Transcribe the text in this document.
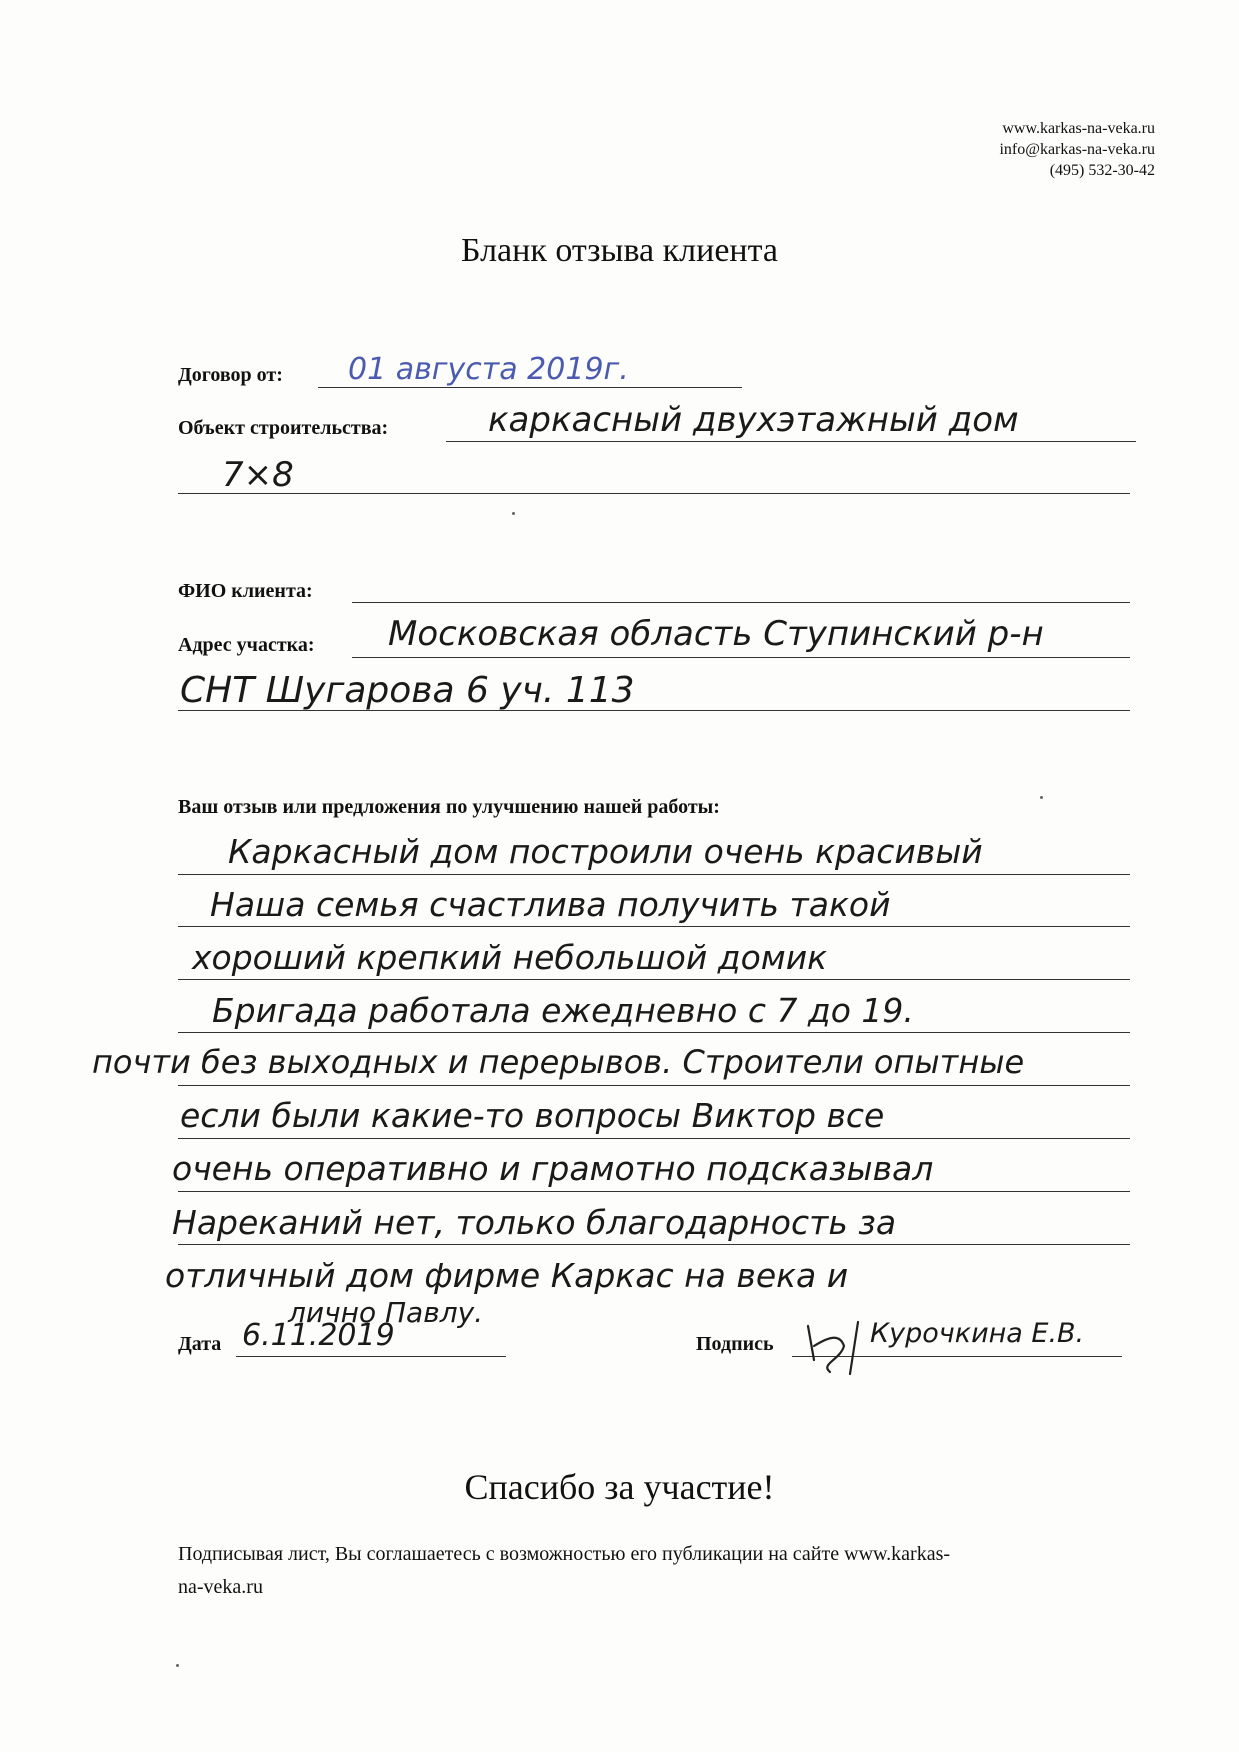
www.karkas-na-veka.ru
info@karkas-na-veka.ru
(495) 532-30-42
Бланк отзыва клиента
Договор от: 01 августа 2019г.
Объект строительства:	каркасный двухэтажный дом
7×8
ФИО клиента:
Адрес участка: Московская область Ступинский р-н
СНТ Шугарова 6 уч. 113
Ваш отзыв или предложения по улучшению нашей работы:
Каркасный дом построили очень красивый
Наша семья счастлива получить такой
хороший крепкий небольшой домик
Бригада работала ежедневно с 7 до 19.
почти без выходных и перерывов. Строители опытные
если были какие-то вопросы Виктор все
очень оперативно и грамотно подсказывал
Нареканий нет, только благодарность за
отличный дом фирме Каркас на века и
лично Павлу.
Дата 6.11.2019	Подпись	Курочкина Е.В.
Спасибо за участие!
Подписывая лист, Вы соглашаетесь с возможностью его публикации на сайте www.karkas-
na-veka.ru
